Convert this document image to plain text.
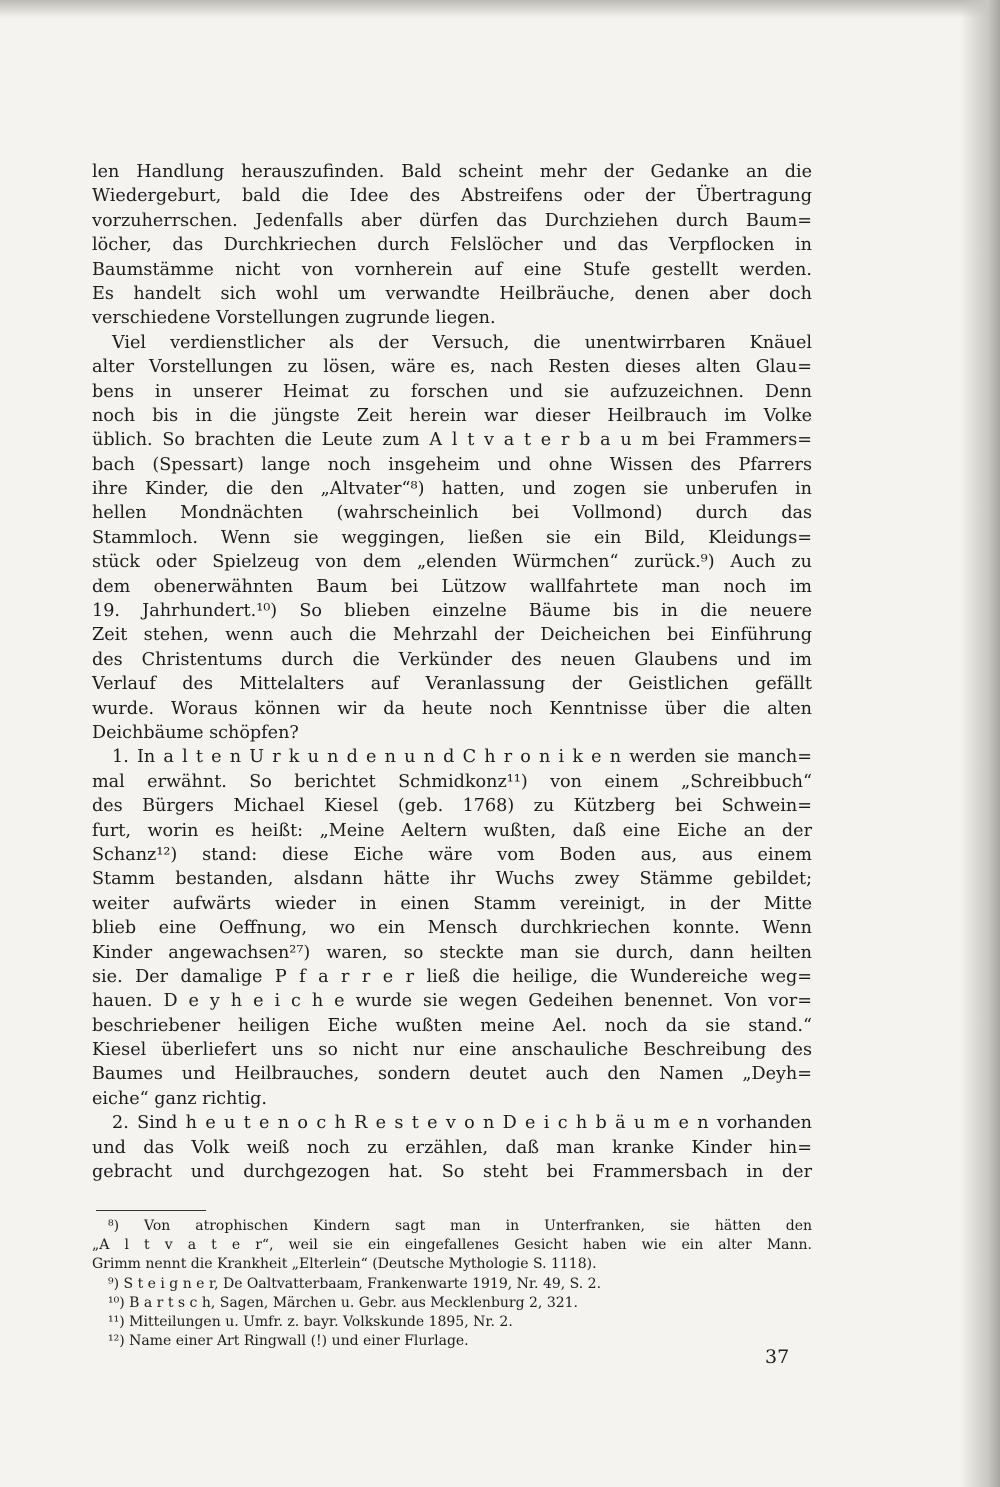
len Handlung herauszufinden. Bald scheint mehr der Gedanke an die
Wiedergeburt, bald die Idee des Abstreifens oder der Übertragung
vorzuherrschen. Jedenfalls aber dürfen das Durchziehen durch Baum=
löcher, das Durchkriechen durch Felslöcher und das Verpflocken in
Baumstämme nicht von vornherein auf eine Stufe gestellt werden.
Es handelt sich wohl um verwandte Heilbräuche, denen aber doch
verschiedene Vorstellungen zugrunde liegen.
Viel verdienstlicher als der Versuch, die unentwirrbaren Knäuel
alter Vorstellungen zu lösen, wäre es, nach Resten dieses alten Glau=
bens in unserer Heimat zu forschen und sie aufzuzeichnen. Denn
noch bis in die jüngste Zeit herein war dieser Heilbrauch im Volke
üblich. So brachten die Leute zum A l t v a t e r b a u m bei Frammers=
bach (Spessart) lange noch insgeheim und ohne Wissen des Pfarrers
ihre Kinder, die den „Altvater“⁸) hatten, und zogen sie unberufen in
hellen Mondnächten (wahrscheinlich bei Vollmond) durch das
Stammloch. Wenn sie weggingen, ließen sie ein Bild, Kleidungs=
stück oder Spielzeug von dem „elenden Würmchen“ zurück.⁹) Auch zu
dem obenerwähnten Baum bei Lützow wallfahrtete man noch im
19. Jahrhundert.¹⁰) So blieben einzelne Bäume bis in die neuere
Zeit stehen, wenn auch die Mehrzahl der Deicheichen bei Einführung
des Christentums durch die Verkünder des neuen Glaubens und im
Verlauf des Mittelalters auf Veranlassung der Geistlichen gefällt
wurde. Woraus können wir da heute noch Kenntnisse über die alten
Deichbäume schöpfen?
1. In a l t e n U r k u n d e n u n d C h r o n i k e n werden sie manch=
mal erwähnt. So berichtet Schmidkonz¹¹) von einem „Schreibbuch“
des Bürgers Michael Kiesel (geb. 1768) zu Kützberg bei Schwein=
furt, worin es heißt: „Meine Aeltern wußten, daß eine Eiche an der
Schanz¹²) stand: diese Eiche wäre vom Boden aus, aus einem
Stamm bestanden, alsdann hätte ihr Wuchs zwey Stämme gebildet;
weiter aufwärts wieder in einen Stamm vereinigt, in der Mitte
blieb eine Oeffnung, wo ein Mensch durchkriechen konnte. Wenn
Kinder angewachsen²⁷) waren, so steckte man sie durch, dann heilten
sie. Der damalige P f a r r e r ließ die heilige, die Wundereiche weg=
hauen. D e y h e i c h e wurde sie wegen Gedeihen benennet. Von vor=
beschriebener heiligen Eiche wußten meine Ael. noch da sie stand.“
Kiesel überliefert uns so nicht nur eine anschauliche Beschreibung des
Baumes und Heilbrauches, sondern deutet auch den Namen „Deyh=
eiche“ ganz richtig.
2. Sind h e u t e n o c h R e s t e v o n D e i c h b ä u m e n vorhanden
und das Volk weiß noch zu erzählen, daß man kranke Kinder hin=
gebracht und durchgezogen hat. So steht bei Frammersbach in der
⁸) Von atrophischen Kindern sagt man in Unterfranken, sie hätten den
„A l t v a t e r“, weil sie ein eingefallenes Gesicht haben wie ein alter Mann.
Grimm nennt die Krankheit „Elterlein“ (Deutsche Mythologie S. 1118).
⁹) S t e i g n e r, De Oaltvatterbaam, Frankenwarte 1919, Nr. 49, S. 2.
¹⁰) B a r t s c h, Sagen, Märchen u. Gebr. aus Mecklenburg 2, 321.
¹¹) Mitteilungen u. Umfr. z. bayr. Volkskunde 1895, Nr. 2.
¹²) Name einer Art Ringwall (!) und einer Flurlage.
37
